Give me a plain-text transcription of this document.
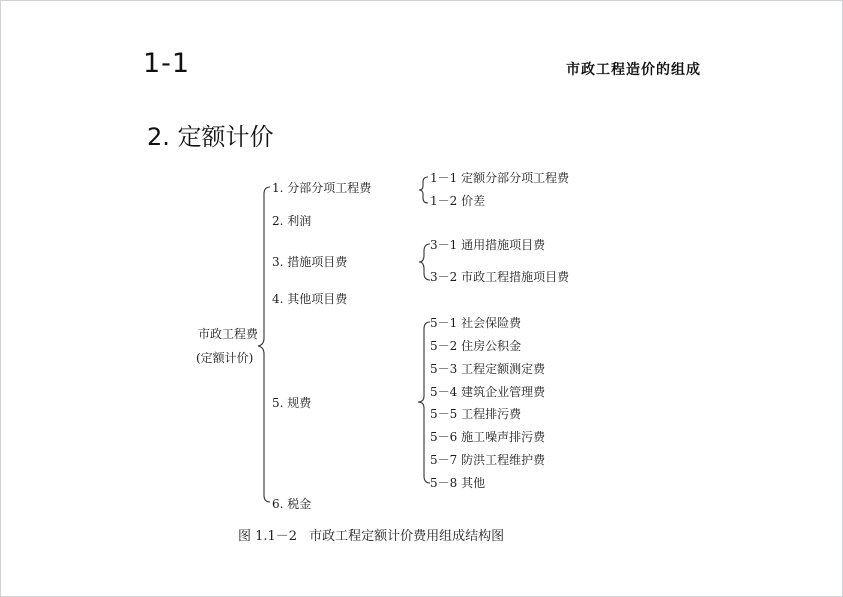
1-1	市政工程造价的组成
2. 定额计价
市政工程费
(定额计价)
1. 分部分项工程费
2. 利润
3. 措施项目费
4. 其他项目费
5. 规费
6. 税金
1－1 定额分部分项工程费
1－2 价差
3－1 通用措施项目费
3－2 市政工程措施项目费
5－1 社会保险费
5－2 住房公积金
5－3 工程定额测定费
5－4 建筑企业管理费
5－5 工程排污费
5－6 施工噪声排污费
5－7 防洪工程维护费
5－8 其他
图 1.1－2 市政工程定额计价费用组成结构图
